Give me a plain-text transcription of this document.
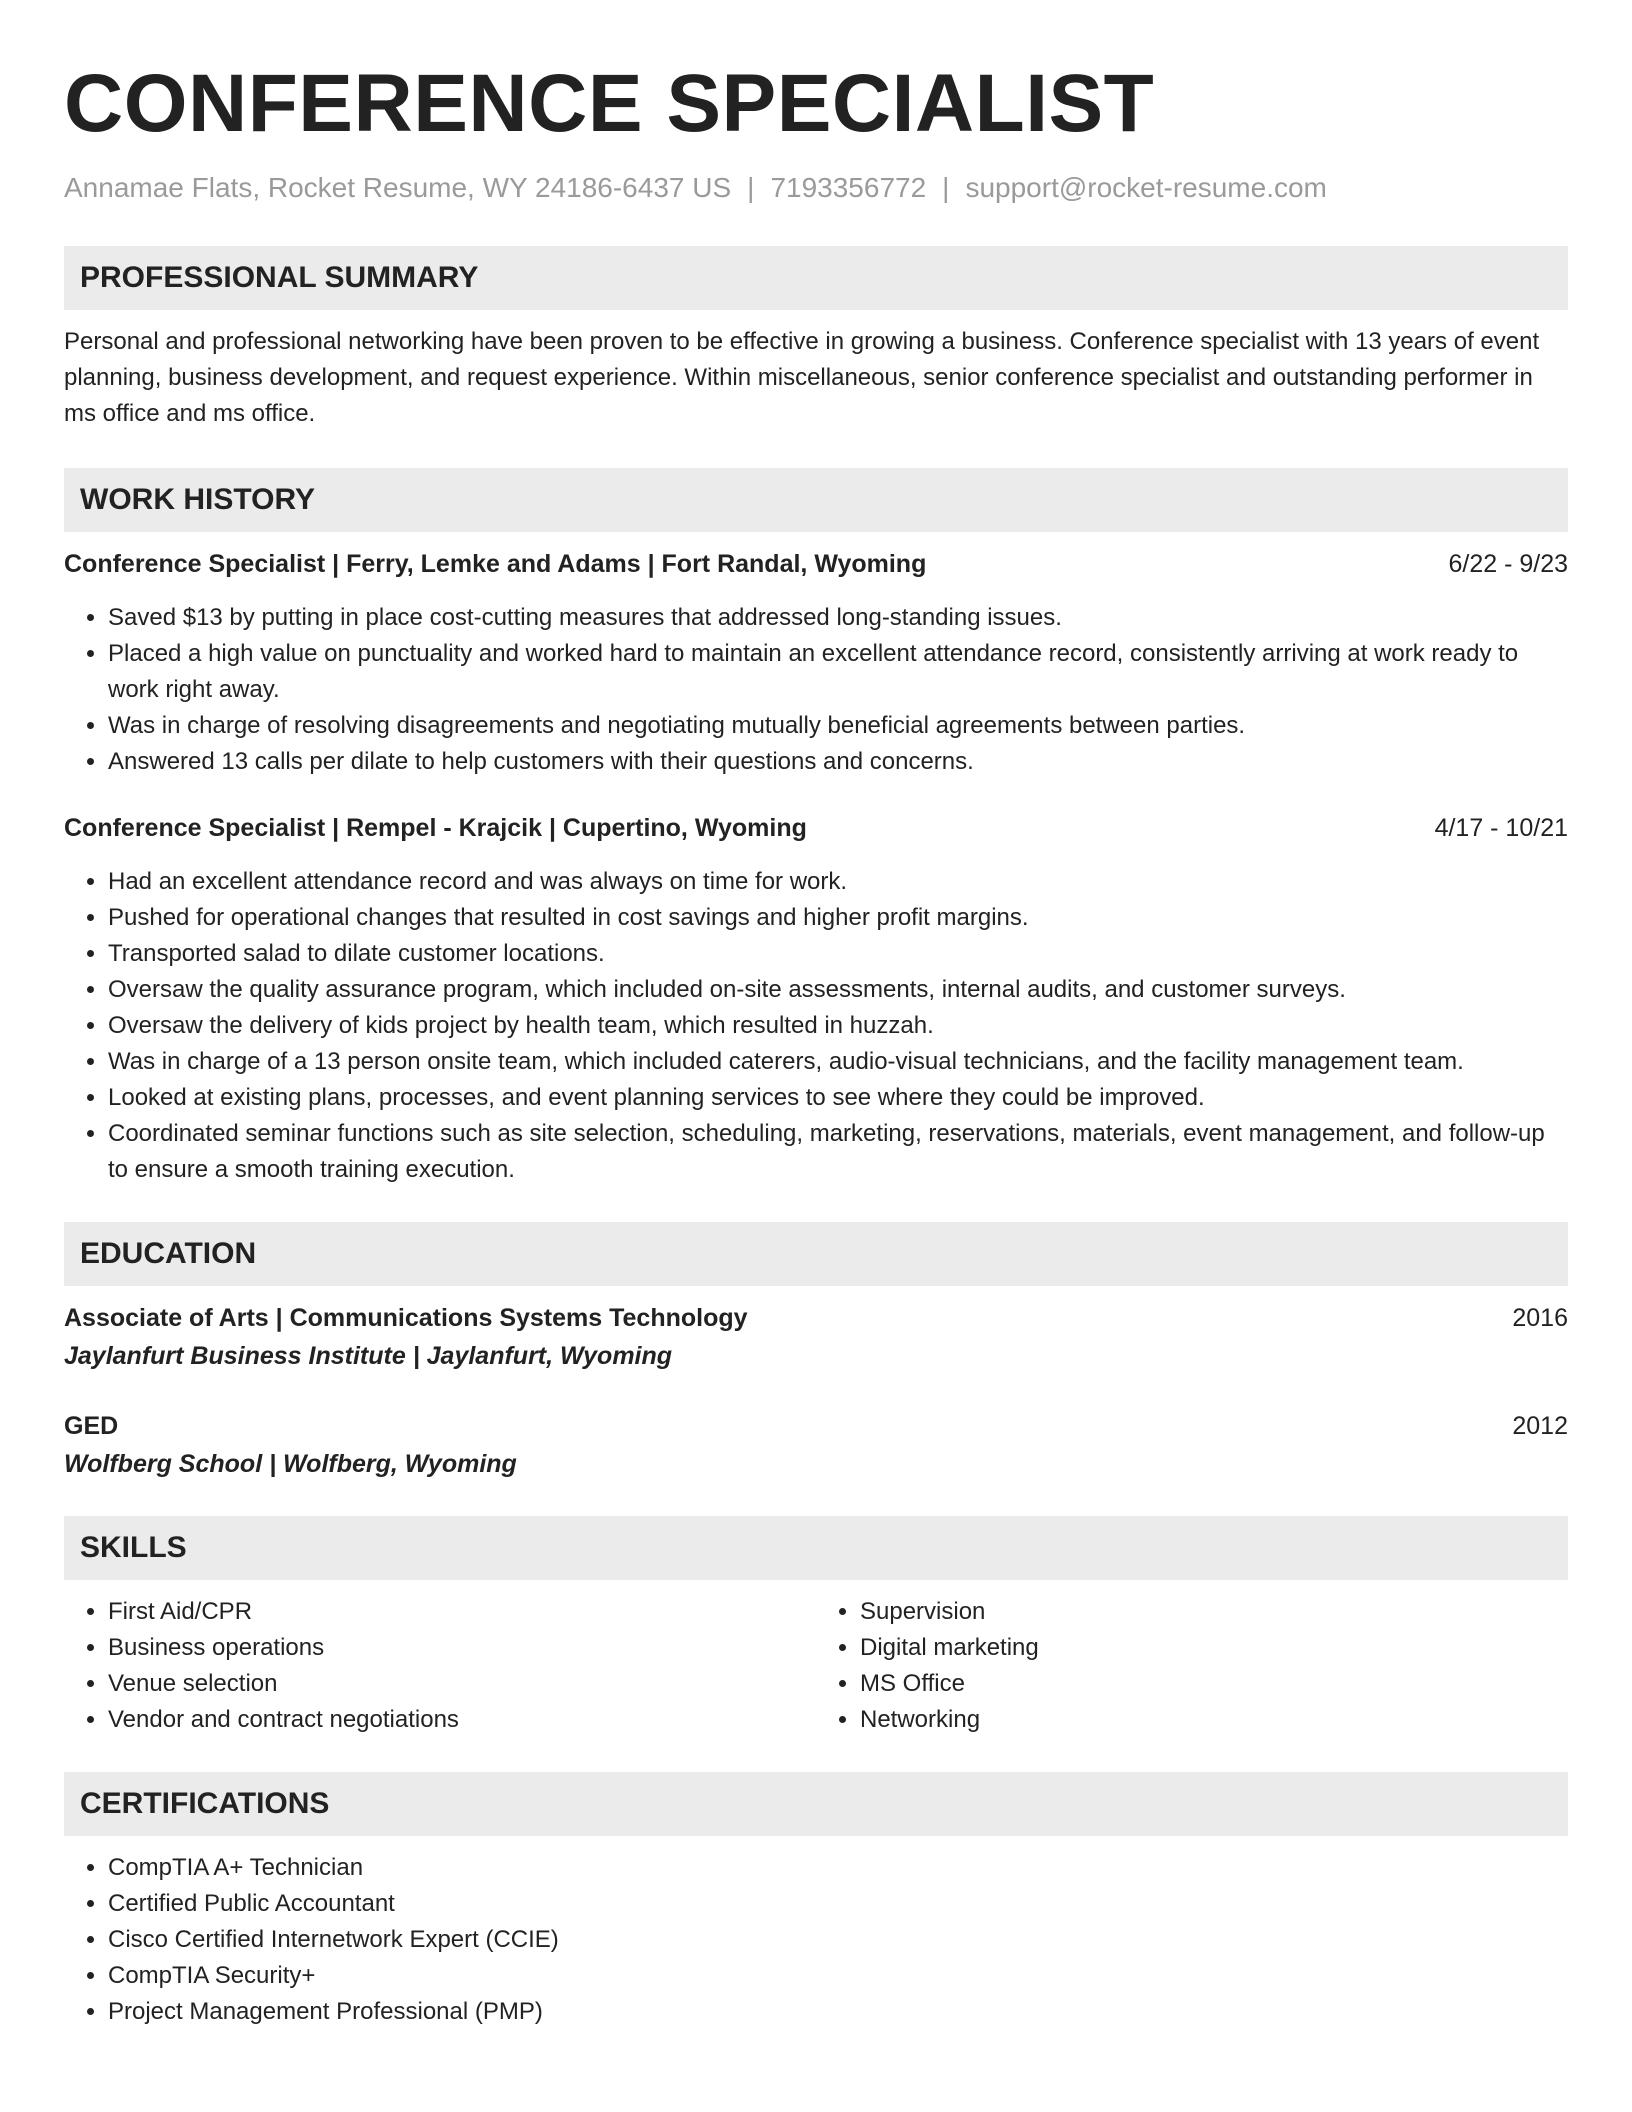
CONFERENCE SPECIALIST
Annamae Flats, Rocket Resume, WY 24186-6437 US | 7193356772 | support@rocket-resume.com
PROFESSIONAL SUMMARY
Personal and professional networking have been proven to be effective in growing a business. Conference specialist with 13 years of event planning, business development, and request experience. Within miscellaneous, senior conference specialist and outstanding performer in ms office and ms office.
WORK HISTORY
Conference Specialist | Ferry, Lemke and Adams | Fort Randal, Wyoming	6/22 - 9/23
• Saved $13 by putting in place cost-cutting measures that addressed long-standing issues.
• Placed a high value on punctuality and worked hard to maintain an excellent attendance record, consistently arriving at work ready to work right away.
• Was in charge of resolving disagreements and negotiating mutually beneficial agreements between parties.
• Answered 13 calls per dilate to help customers with their questions and concerns.
Conference Specialist | Rempel - Krajcik | Cupertino, Wyoming	4/17 - 10/21
• Had an excellent attendance record and was always on time for work.
• Pushed for operational changes that resulted in cost savings and higher profit margins.
• Transported salad to dilate customer locations.
• Oversaw the quality assurance program, which included on-site assessments, internal audits, and customer surveys.
• Oversaw the delivery of kids project by health team, which resulted in huzzah.
• Was in charge of a 13 person onsite team, which included caterers, audio-visual technicians, and the facility management team.
• Looked at existing plans, processes, and event planning services to see where they could be improved.
• Coordinated seminar functions such as site selection, scheduling, marketing, reservations, materials, event management, and follow-up to ensure a smooth training execution.
EDUCATION
Associate of Arts | Communications Systems Technology	2016
Jaylanfurt Business Institute | Jaylanfurt, Wyoming
GED	2012
Wolfberg School | Wolfberg, Wyoming
SKILLS
• First Aid/CPR
• Business operations
• Venue selection
• Vendor and contract negotiations
• Supervision
• Digital marketing
• MS Office
• Networking
CERTIFICATIONS
• CompTIA A+ Technician
• Certified Public Accountant
• Cisco Certified Internetwork Expert (CCIE)
• CompTIA Security+
• Project Management Professional (PMP)
